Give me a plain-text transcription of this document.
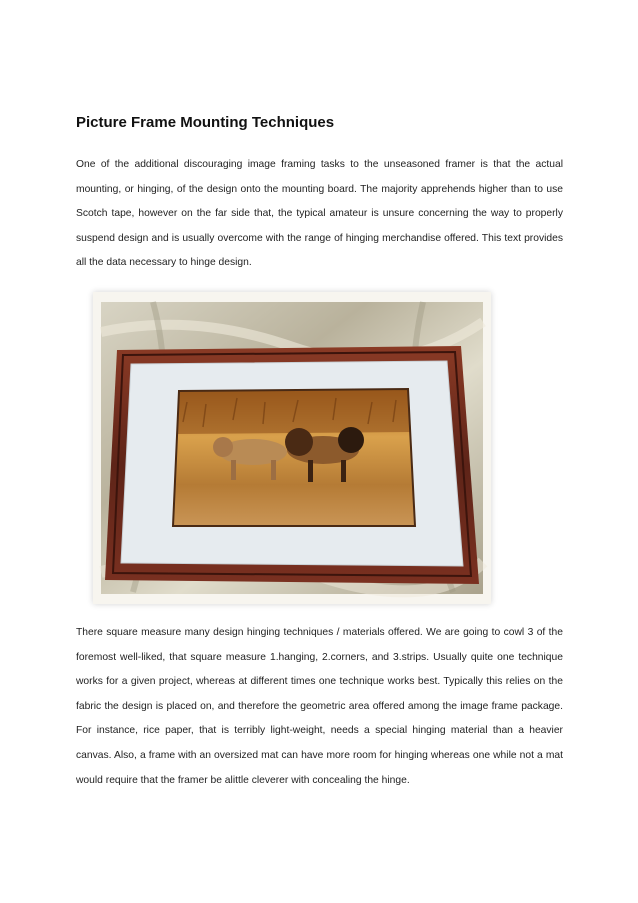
Picture Frame Mounting Techniques
One of the additional discouraging image framing tasks to the unseasoned framer is that the actual mounting, or hinging, of the design onto the mounting board. The majority apprehends higher than to use Scotch tape, however on the far side that, the typical amateur is unsure concerning the way to properly suspend design and is usually overcome with the range of hinging merchandise offered. This text provides all the data necessary to hinge design.
There square measure many design hinging techniques / materials offered. We are going to cowl 3 of the foremost well-liked, that square measure 1.hanging, 2.corners, and 3.strips. Usually quite one technique works for a given project, whereas at different times one technique works best. Typically this relies on the fabric the design is placed on, and therefore the geometric area offered among the image frame package. For instance, rice paper, that is terribly light-weight, needs a special hinging material than a heavier canvas. Also, a frame with an oversized mat can have more room for hinging whereas one while not a mat would require that the framer be alittle cleverer with concealing the hinge.
